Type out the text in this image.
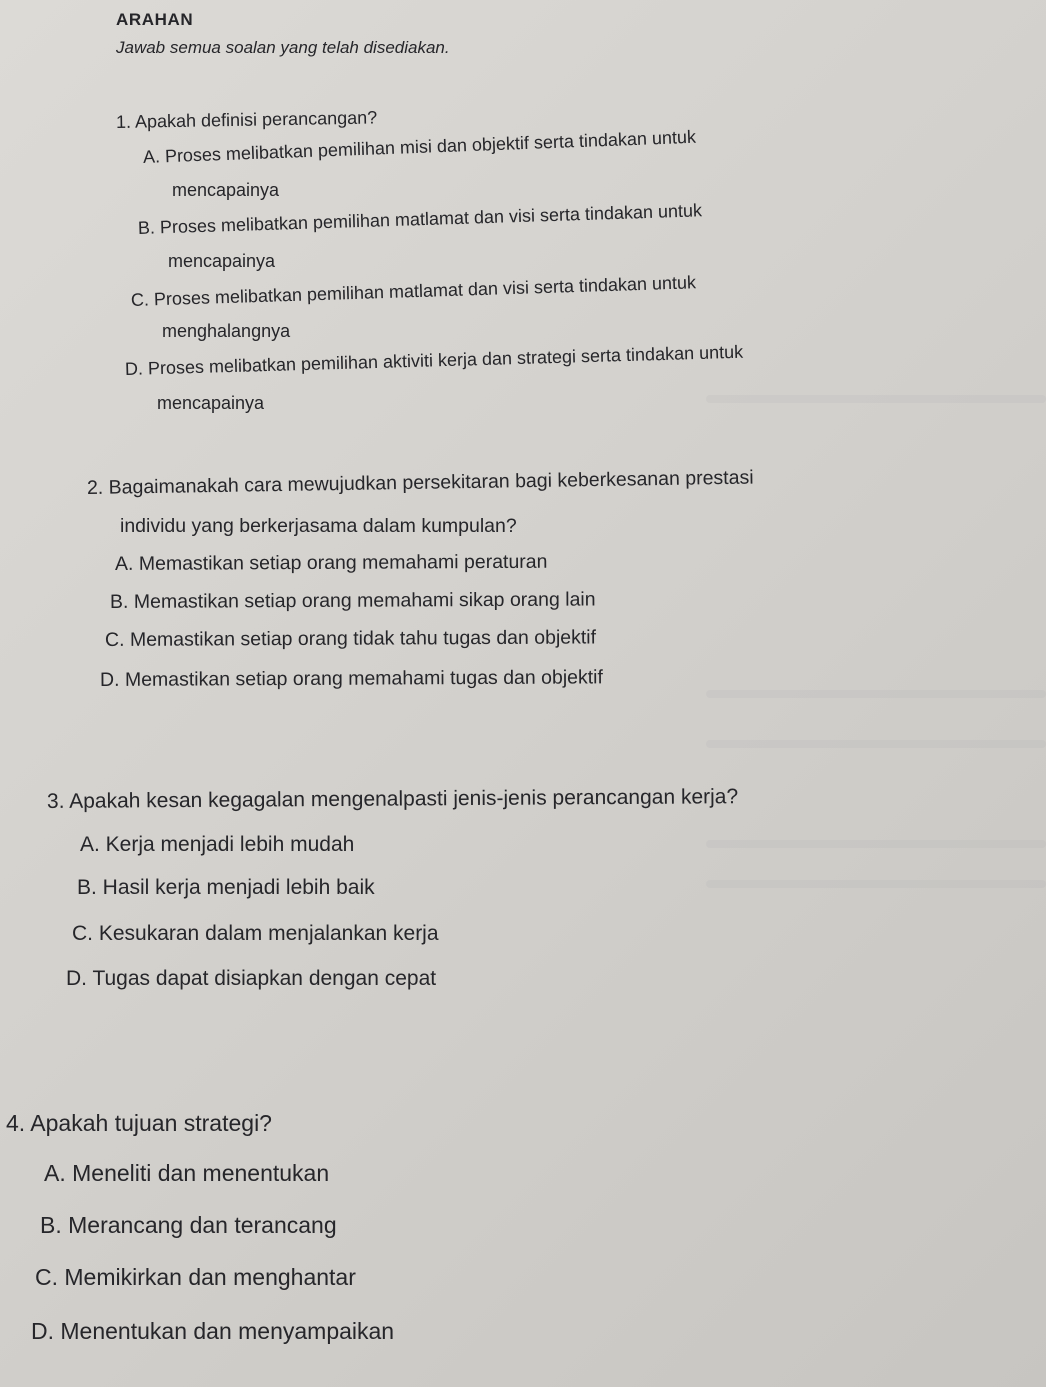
ARAHAN
Jawab semua soalan yang telah disediakan.
1. Apakah definisi perancangan?
A. Proses melibatkan pemilihan misi dan objektif serta tindakan untuk
mencapainya
B. Proses melibatkan pemilihan matlamat dan visi serta tindakan untuk
mencapainya
C. Proses melibatkan pemilihan matlamat dan visi serta tindakan untuk
menghalangnya
D. Proses melibatkan pemilihan aktiviti kerja dan strategi serta tindakan untuk
mencapainya
2. Bagaimanakah cara mewujudkan persekitaran bagi keberkesanan prestasi
individu yang berkerjasama dalam kumpulan?
A. Memastikan setiap orang memahami peraturan
B. Memastikan setiap orang memahami sikap orang lain
C. Memastikan setiap orang tidak tahu tugas dan objektif
D. Memastikan setiap orang memahami tugas dan objektif
3. Apakah kesan kegagalan mengenalpasti jenis-jenis perancangan kerja?
A. Kerja menjadi lebih mudah
B. Hasil kerja menjadi lebih baik
C. Kesukaran dalam menjalankan kerja
D. Tugas dapat disiapkan dengan cepat
4. Apakah tujuan strategi?
A. Meneliti dan menentukan
B. Merancang dan terancang
C. Memikirkan dan menghantar
D. Menentukan dan menyampaikan
